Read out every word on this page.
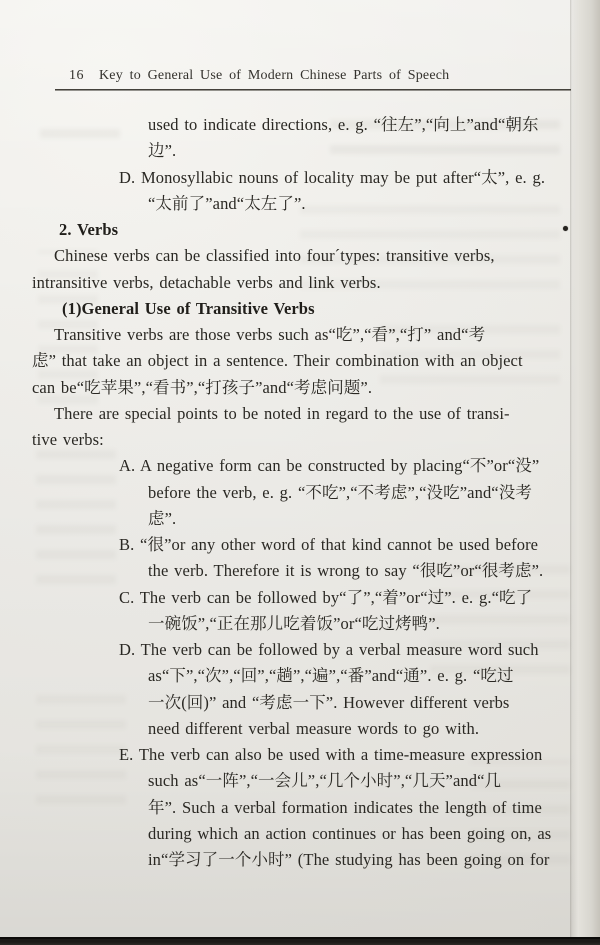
16 Key to General Use of Modern Chinese Parts of Speech
used to indicate directions, e. g. “往左”,“向上”and“朝东
边”.
D. Monosyllabic nouns of locality may be put after“太”, e. g.
“太前了”and“太左了”.
2. Verbs
Chinese verbs can be classified into four´types: transitive verbs,
intransitive verbs, detachable verbs and link verbs.
(1)General Use of Transitive Verbs
Transitive verbs are those verbs such as“吃”,“看”,“打” and“考
虑” that take an object in a sentence. Their combination with an object
can be“吃苹果”,“看书”,“打孩子”and“考虑问题”.
There are special points to be noted in regard to the use of transi-
tive verbs:
A. A negative form can be constructed by placing“不”or“没”
before the verb, e. g. “不吃”,“不考虑”,“没吃”and“没考
虑”.
B. “很”or any other word of that kind cannot be used before
the verb. Therefore it is wrong to say “很吃”or“很考虑”.
C. The verb can be followed by“了”,“着”or“过”. e. g.“吃了
一碗饭”,“正在那儿吃着饭”or“吃过烤鸭”.
D. The verb can be followed by a verbal measure word such
as“下”,“次”,“回”,“趟”,“遍”,“番”and“通”. e. g. “吃过
一次(回)” and “考虑一下”. However different verbs
need different verbal measure words to go with.
E. The verb can also be used with a time-measure expression
such as“一阵”,“一会儿”,“几个小时”,“几天”and“几
年”. Such a verbal formation indicates the length of time
during which an action continues or has been going on, as
in“学习了一个小时” (The studying has been going on for
